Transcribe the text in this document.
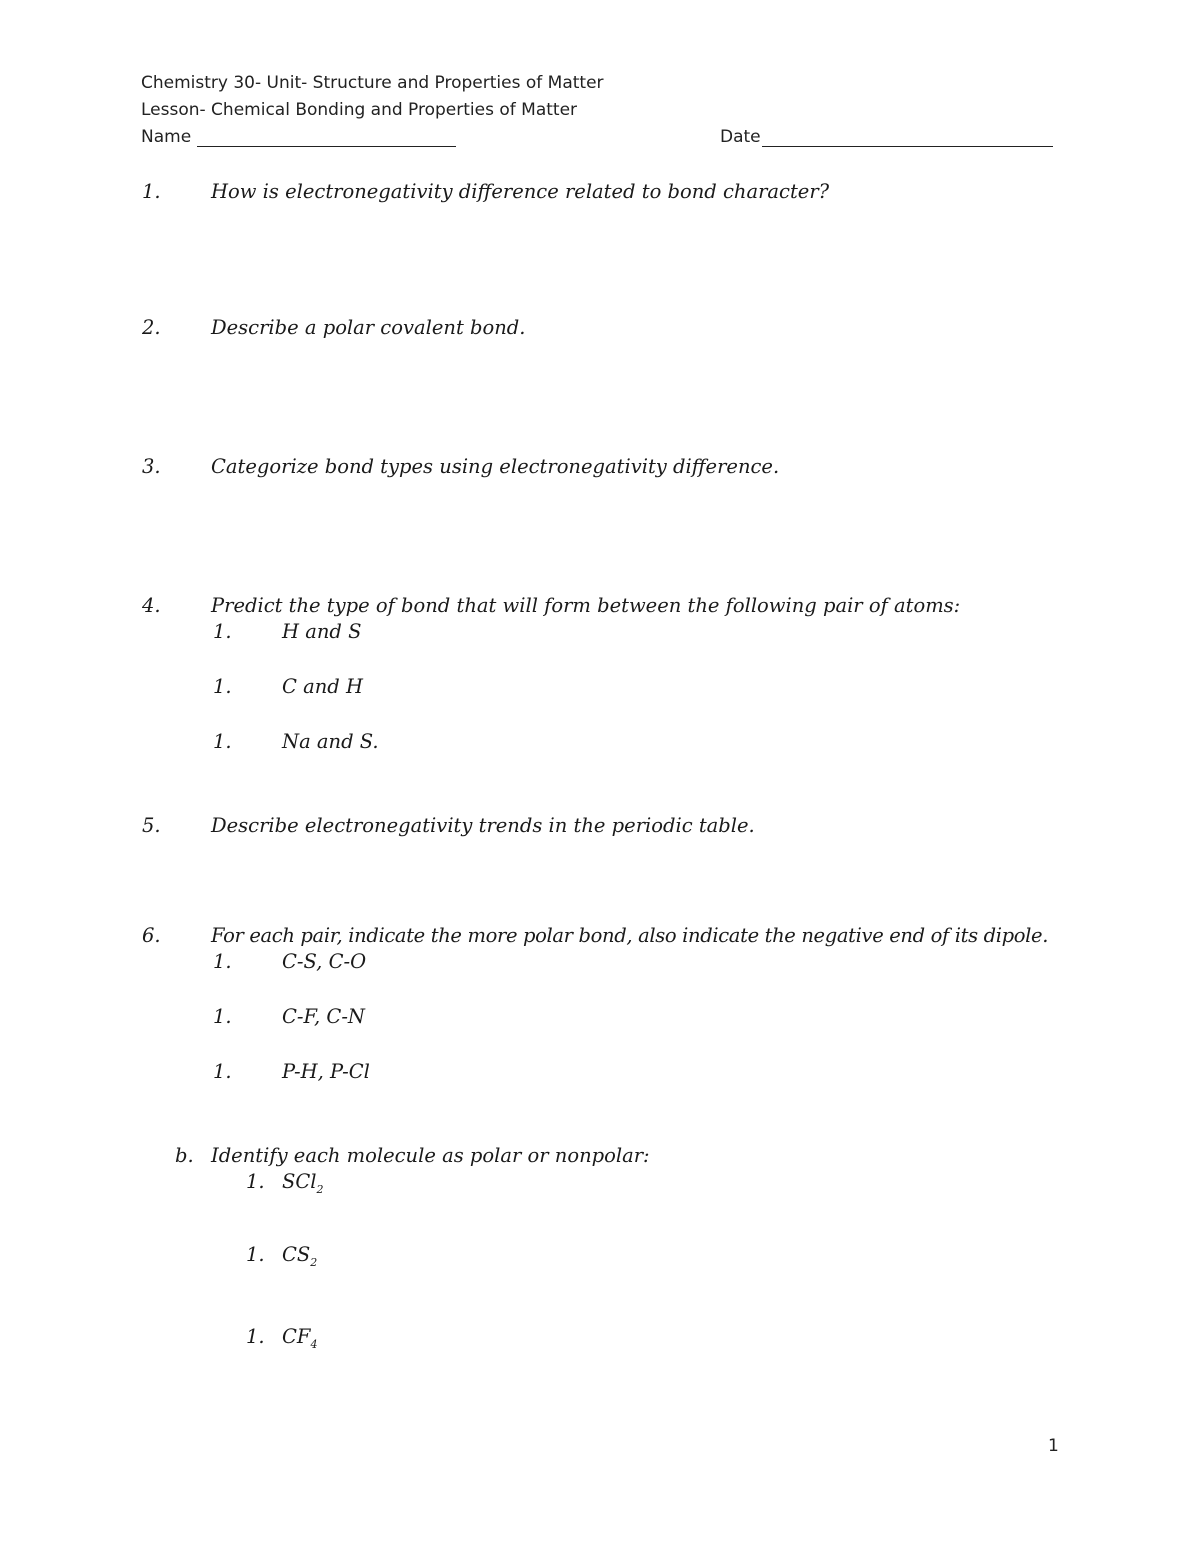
Chemistry 30- Unit- Structure and Properties of Matter
Lesson- Chemical Bonding and Properties of Matter
Name	Date
1.	How is electronegativity difference related to bond character?
2.	Describe a polar covalent bond.
3.	Categorize bond types using electronegativity difference.
4.	Predict the type of bond that will form between the following pair of atoms:
1.	H and S
1.	C and H
1.	Na and S.
5.	Describe electronegativity trends in the periodic table.
6.	For each pair, indicate the more polar bond, also indicate the negative end of its dipole.
1.	C-S, C-O
1.	C-F, C-N
1.	P-H, P-Cl
b. Identify each molecule as polar or nonpolar:
1. SCl$_2$
1. $CS_2$
1. $CF_4$
1
